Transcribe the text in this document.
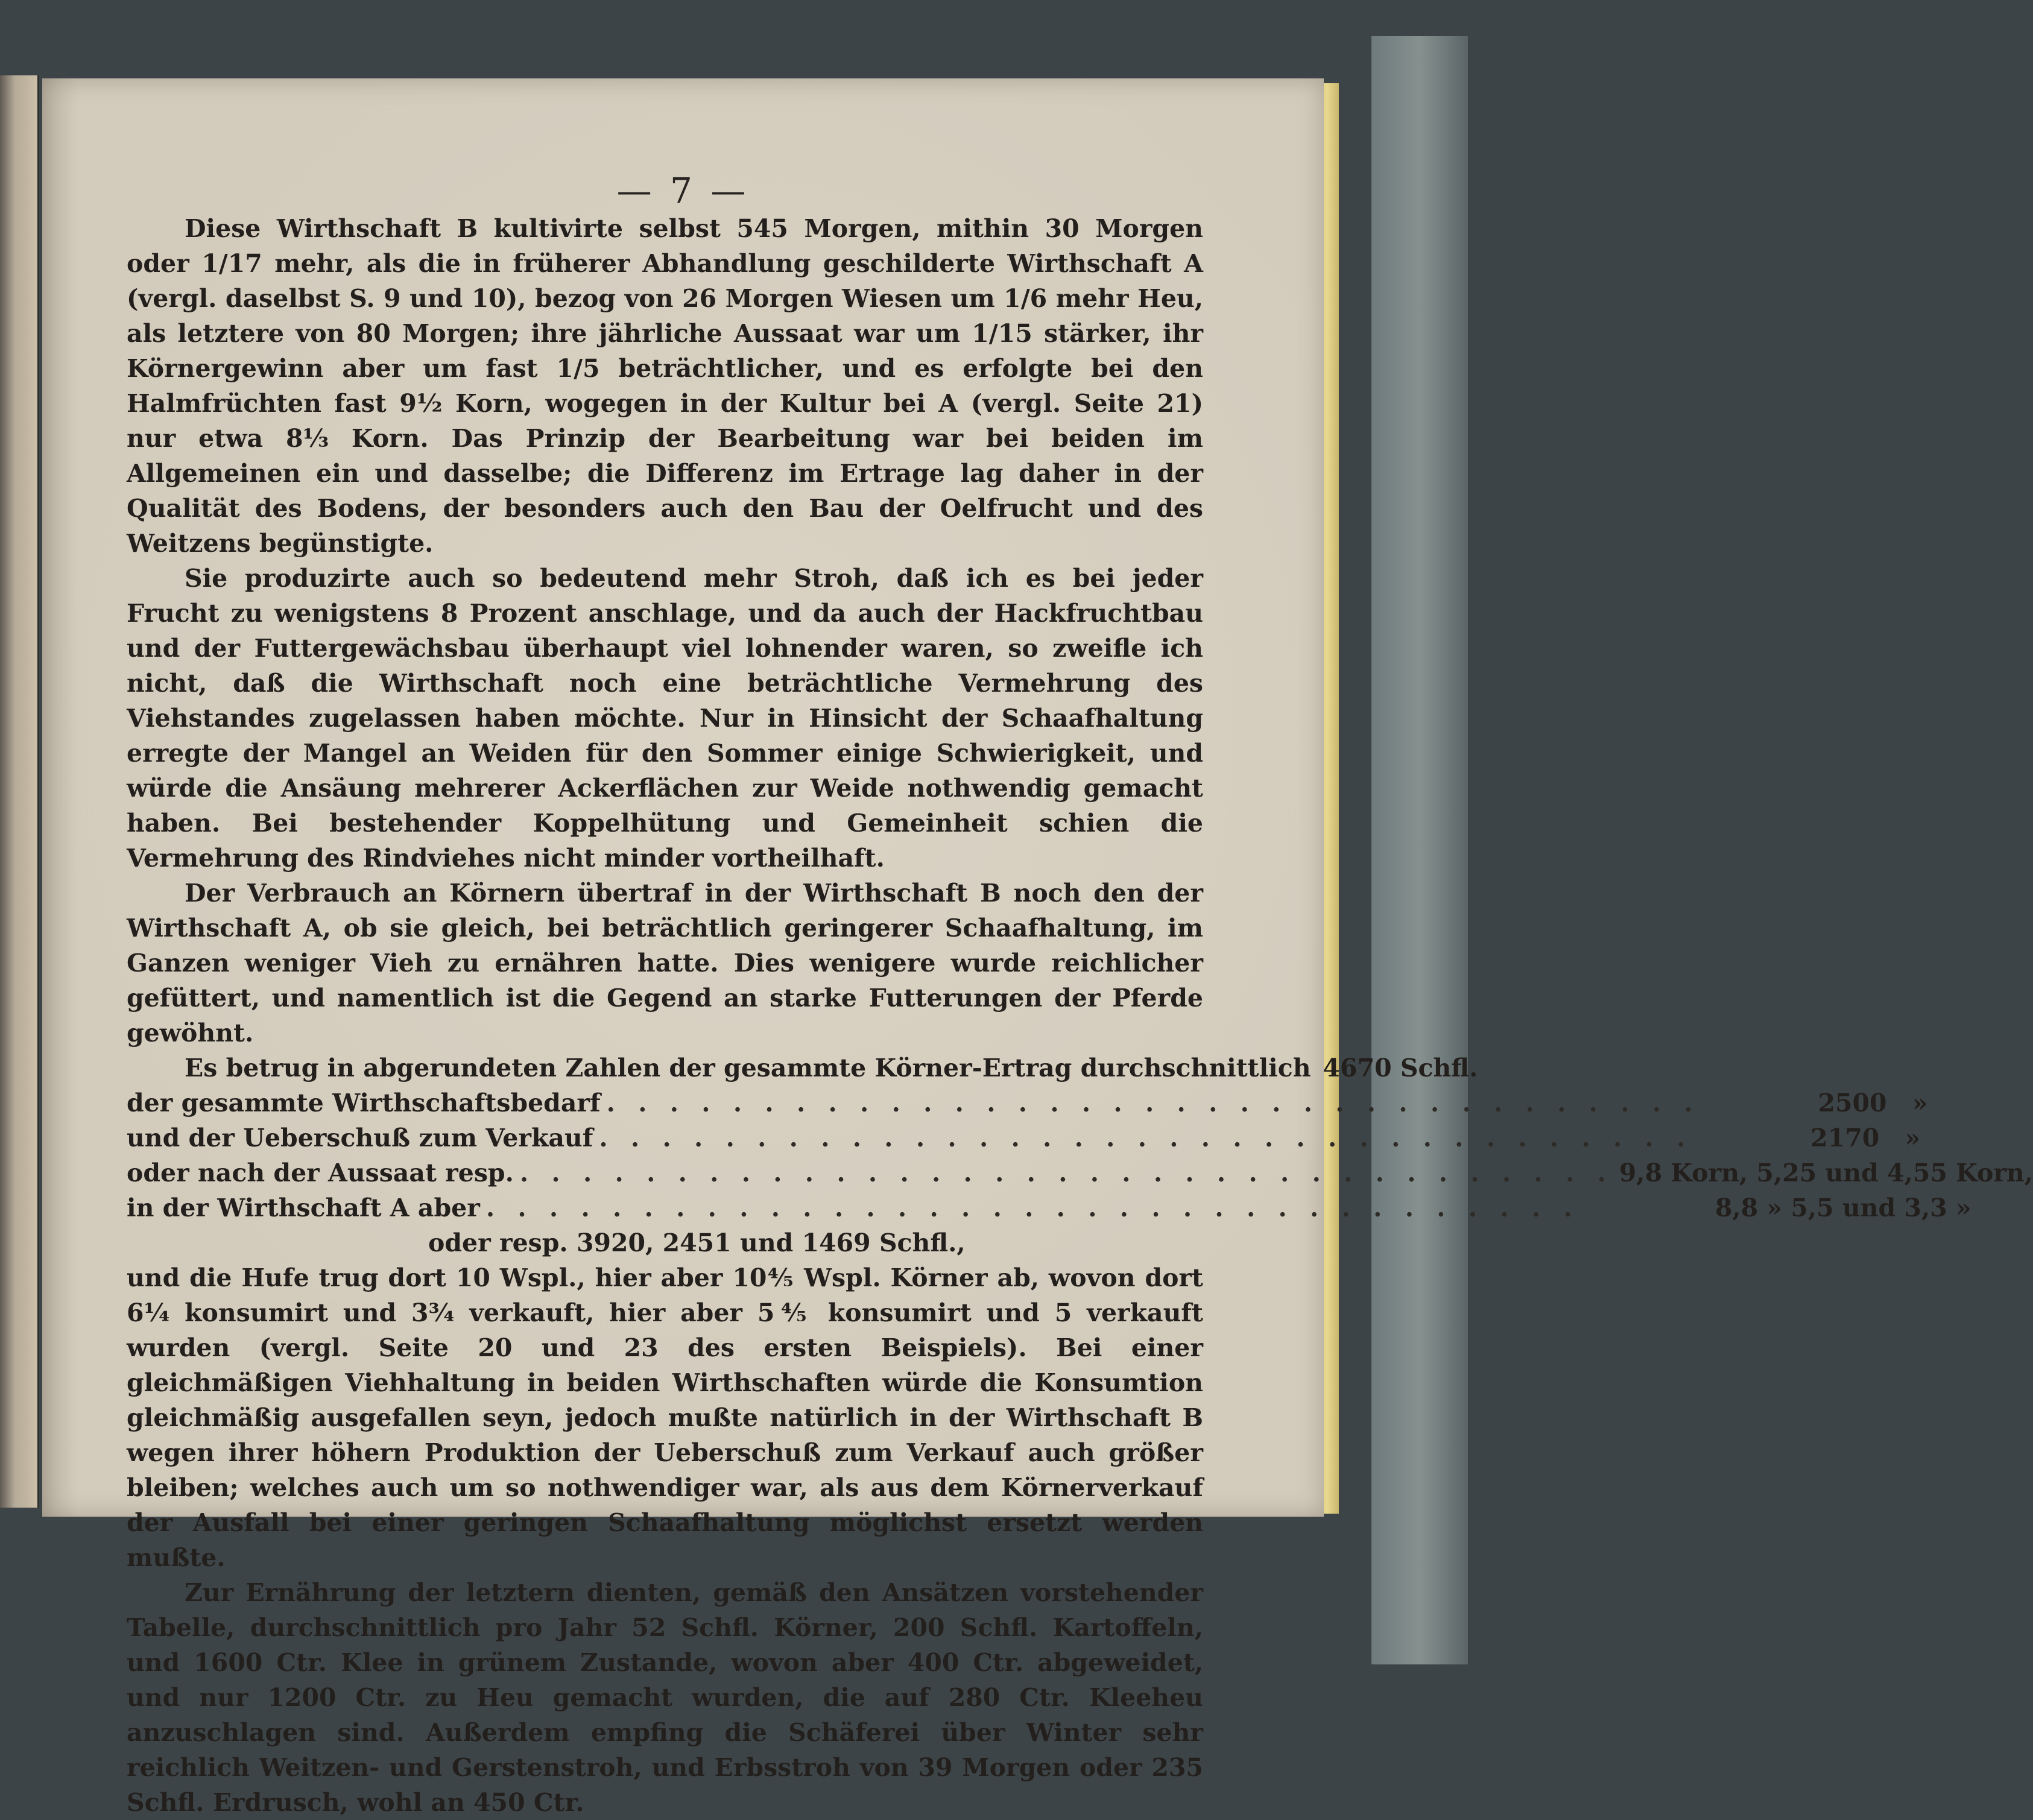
— 7 —

Diese Wirthschaft B kultivirte selbst 545 Morgen, mithin 30 Morgen oder 1/17 mehr, als die in früherer Abhandlung geschilderte Wirthschaft A (vergl. daselbst S. 9 und 10), bezog von 26 Morgen Wiesen um 1/6 mehr Heu, als letztere von 80 Morgen; ihre jährliche Aussaat war um 1/15 stärker, ihr Körnergewinn aber um fast 1/5 beträchtlicher, und es erfolgte bei den Halmfrüchten fast 9½ Korn, wogegen in der Kultur bei A (vergl. Seite 21) nur etwa 8⅓ Korn. Das Prinzip der Bearbeitung war bei beiden im Allgemeinen ein und dasselbe; die Differenz im Ertrage lag daher in der Qualität des Bodens, der besonders auch den Bau der Oelfrucht und des Weitzens begünstigte.

Sie produzirte auch so bedeutend mehr Stroh, daß ich es bei jeder Frucht zu wenigstens 8 Prozent anschlage, und da auch der Hackfruchtbau und der Futtergewächsbau überhaupt viel lohnender waren, so zweifle ich nicht, daß die Wirthschaft noch eine beträchtliche Vermehrung des Viehstandes zugelassen haben möchte. Nur in Hinsicht der Schaafhaltung erregte der Mangel an Weiden für den Sommer einige Schwierigkeit, und würde die Ansäung mehrerer Ackerflächen zur Weide nothwendig gemacht haben. Bei bestehender Koppelhütung und Gemeinheit schien die Vermehrung des Rindviehes nicht minder vortheilhaft.

Der Verbrauch an Körnern übertraf in der Wirthschaft B noch den der Wirthschaft A, ob sie gleich, bei beträchtlich geringerer Schaafhaltung, im Ganzen weniger Vieh zu ernähren hatte. Dies wenigere wurde reichlicher gefüttert, und namentlich ist die Gegend an starke Futterungen der Pferde gewöhnt.

Es betrug in abgerundeten Zahlen der gesammte Körner-Ertrag durchschnittlich 4670 Schfl.
der gesammte Wirthschaftsbedarf . . . . . . . . . . . . . . . . . . . . . . . . . . . . . . . . . . .	2500	»
und der Ueberschuß zum Verkauf . . . . . . . . . . . . . . . . . . . . . . . . . . . . . . . . . . .	2170	»
oder nach der Aussaat resp. . . . . . . . . . . . . . . . . . . . . . . . . . . . . . . . . . . . 9,8 Korn, 5,25 und 4,55 Korn,
in der Wirthschaft A aber . . . . . . . . . . . . . . . . . . . . . . . . . . . . . . . . . . .	8,8 » 5,5 und 3,3 »
oder resp. 3920, 2451 und 1469 Schfl.,

und die Hufe trug dort 10 Wspl., hier aber 10⅘ Wspl. Körner ab, wovon dort 6¼ konsumirt und 3¾ verkauft, hier aber 5⅘ konsumirt und 5 verkauft wurden (vergl. Seite 20 und 23 des ersten Beispiels). Bei einer gleichmäßigen Viehhaltung in beiden Wirthschaften würde die Konsumtion gleichmäßig ausgefallen seyn, jedoch mußte natürlich in der Wirthschaft B wegen ihrer höhern Produktion der Ueberschuß zum Verkauf auch größer bleiben; welches auch um so nothwendiger war, als aus dem Körnerverkauf der Ausfall bei einer geringen Schaafhaltung möglichst ersetzt werden mußte.

Zur Ernährung der letztern dienten, gemäß den Ansätzen vorstehender Tabelle, durchschnittlich pro Jahr 52 Schfl. Körner, 200 Schfl. Kartoffeln, und 1600 Ctr. Klee in grünem Zustande, wovon aber 400 Ctr. abgeweidet, und nur 1200 Ctr. zu Heu gemacht wurden, die auf 280 Ctr. Kleeheu anzuschlagen sind. Außerdem empfing die Schäferei über Winter sehr reichlich Weitzen- und Gerstenstroh, und Erbsstroh von 39 Morgen oder 235 Schfl. Erdrusch, wohl an 450 Ctr.
